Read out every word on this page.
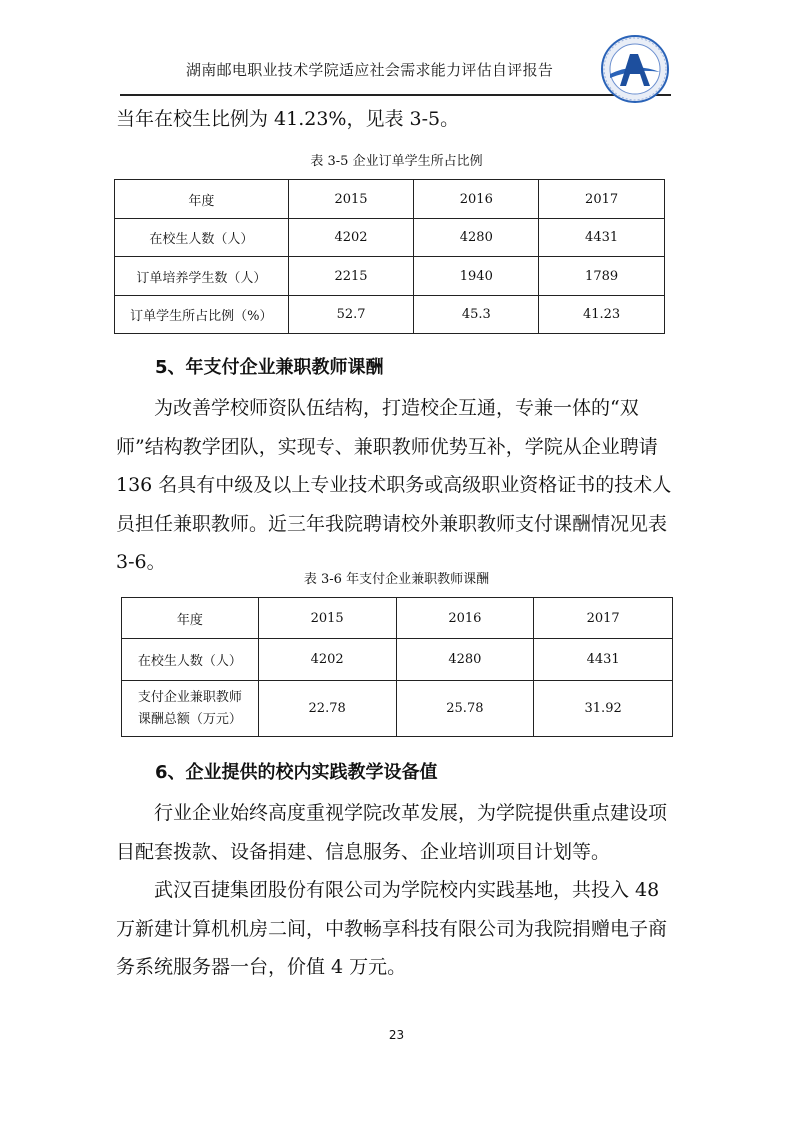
湖南邮电职业技术学院适应社会需求能力评估自评报告
当年在校生比例为 41.23%，见表 3-5。
表 3-5 企业订单学生所占比例
年度	2015	2016	2017
在校生人数（人）	4202	4280	4431
订单培养学生数（人）	2215	1940	1789
订单学生所占比例（%）	52.7	45.3	41.23
5、年支付企业兼职教师课酬
为改善学校师资队伍结构，打造校企互通，专兼一体的“双师”结构教学团队，实现专、兼职教师优势互补，学院从企业聘请 136 名具有中级及以上专业技术职务或高级职业资格证书的技术人员担任兼职教师。近三年我院聘请校外兼职教师支付课酬情况见表 3-6。
表 3-6 年支付企业兼职教师课酬
年度	2015	2016	2017
在校生人数（人）	4202	4280	4431
支付企业兼职教师课酬总额（万元）	22.78	25.78	31.92
6、企业提供的校内实践教学设备值
行业企业始终高度重视学院改革发展，为学院提供重点建设项目配套拨款、设备捐建、信息服务、企业培训项目计划等。
武汉百捷集团股份有限公司为学院校内实践基地，共投入 48 万新建计算机机房二间，中教畅享科技有限公司为我院捐赠电子商务系统服务器一台，价值 4 万元。
23
